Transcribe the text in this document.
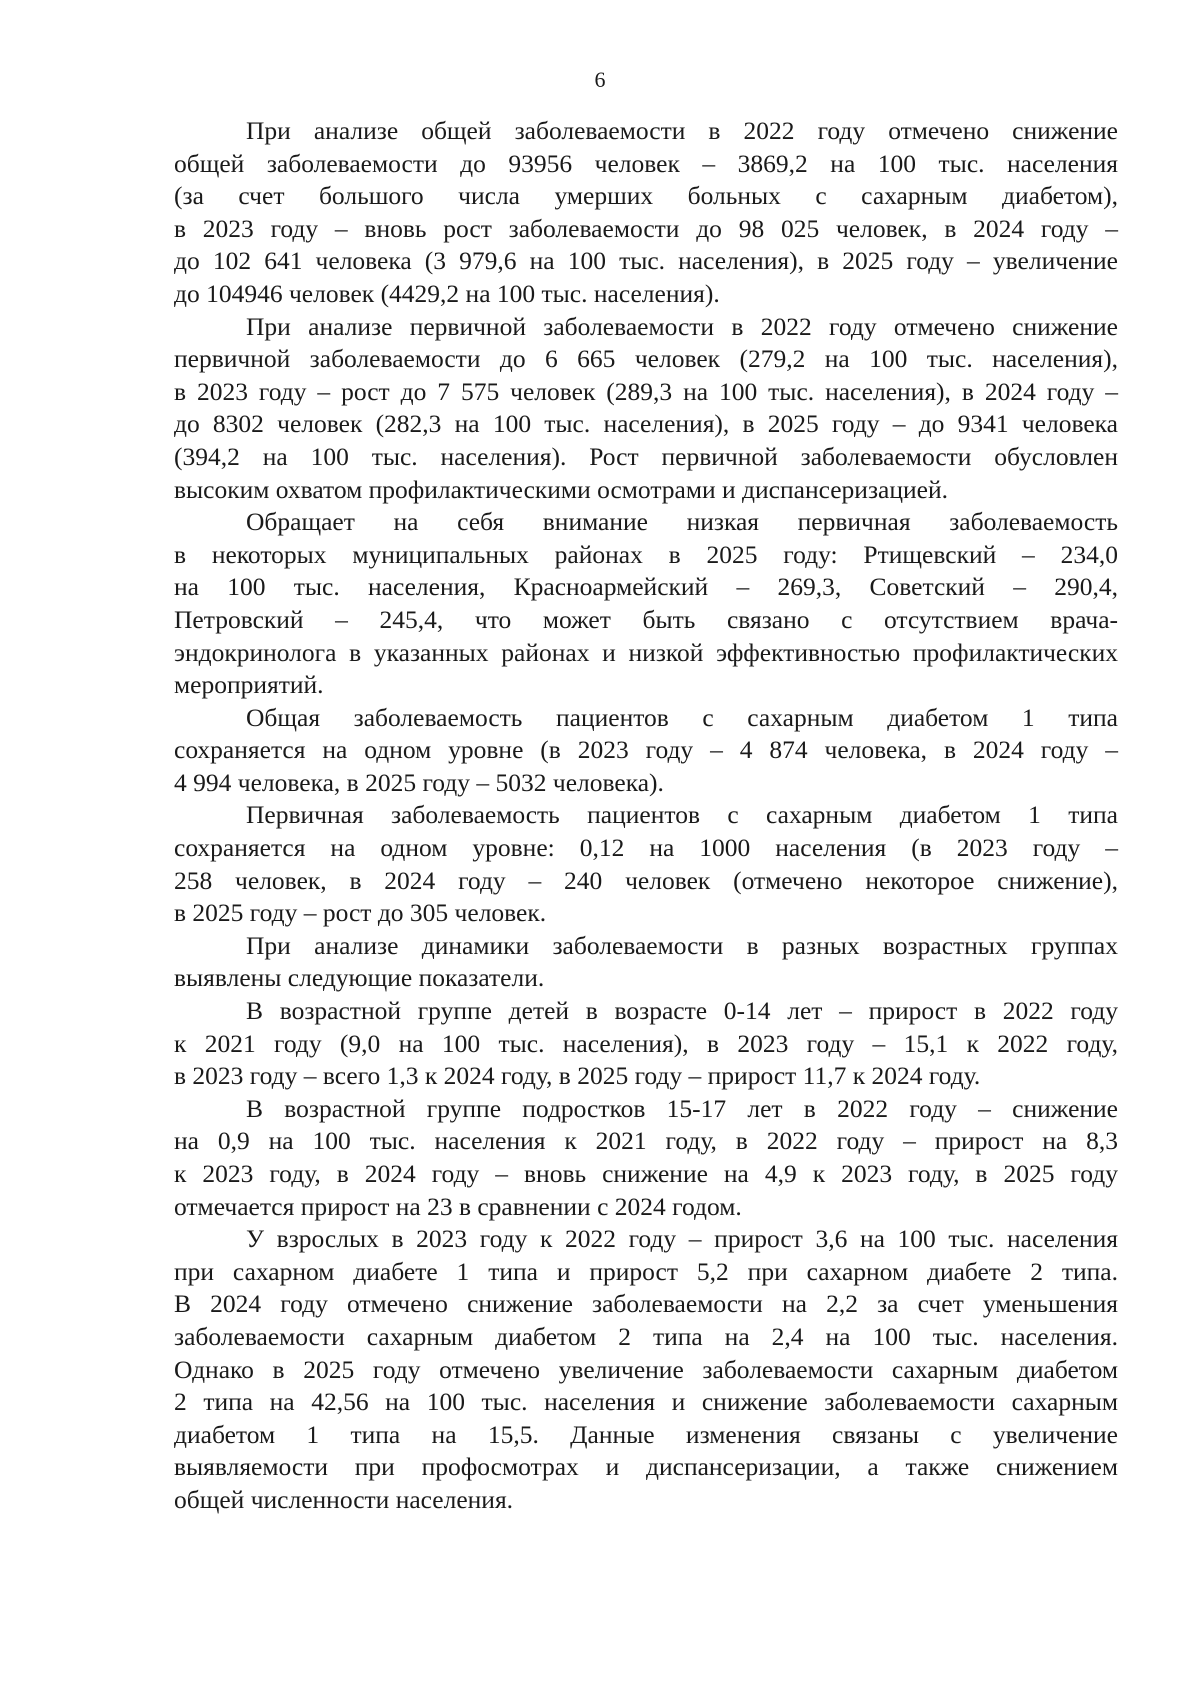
6
При анализе общей заболеваемости в 2022 году отмечено снижение
общей заболеваемости до 93956 человек – 3869,2 на 100 тыс. населения
(за счет большого числа умерших больных с сахарным диабетом),
в 2023 году – вновь рост заболеваемости до 98 025 человек, в 2024 году –
до 102 641 человека (3 979,6 на 100 тыс. населения), в 2025 году – увеличение
до 104946 человек (4429,2 на 100 тыс. населения).
При анализе первичной заболеваемости в 2022 году отмечено снижение
первичной заболеваемости до 6 665 человек (279,2 на 100 тыс. населения),
в 2023 году – рост до 7 575 человек (289,3 на 100 тыс. населения), в 2024 году –
до 8302 человек (282,3 на 100 тыс. населения), в 2025 году – до 9341 человека
(394,2 на 100 тыс. населения). Рост первичной заболеваемости обусловлен
высоким охватом профилактическими осмотрами и диспансеризацией.
Обращает на себя внимание низкая первичная заболеваемость
в некоторых муниципальных районах в 2025 году: Ртищевский – 234,0
на 100 тыс. населения, Красноармейский – 269,3, Советский – 290,4,
Петровский – 245,4, что может быть связано с отсутствием врача-
эндокринолога в указанных районах и низкой эффективностью профилактических
мероприятий.
Общая заболеваемость пациентов с сахарным диабетом 1 типа
сохраняется на одном уровне (в 2023 году – 4 874 человека, в 2024 году –
4 994 человека, в 2025 году – 5032 человека).
Первичная заболеваемость пациентов с сахарным диабетом 1 типа
сохраняется на одном уровне: 0,12 на 1000 населения (в 2023 году –
258 человек, в 2024 году – 240 человек (отмечено некоторое снижение),
в 2025 году – рост до 305 человек.
При анализе динамики заболеваемости в разных возрастных группах
выявлены следующие показатели.
В возрастной группе детей в возрасте 0-14 лет – прирост в 2022 году
к 2021 году (9,0 на 100 тыс. населения), в 2023 году – 15,1 к 2022 году,
в 2023 году – всего 1,3 к 2024 году, в 2025 году – прирост 11,7 к 2024 году.
В возрастной группе подростков 15-17 лет в 2022 году – снижение
на 0,9 на 100 тыс. населения к 2021 году, в 2022 году – прирост на 8,3
к 2023 году, в 2024 году – вновь снижение на 4,9 к 2023 году, в 2025 году
отмечается прирост на 23 в сравнении с 2024 годом.
У взрослых в 2023 году к 2022 году – прирост 3,6 на 100 тыс. населения
при сахарном диабете 1 типа и прирост 5,2 при сахарном диабете 2 типа.
В 2024 году отмечено снижение заболеваемости на 2,2 за счет уменьшения
заболеваемости сахарным диабетом 2 типа на 2,4 на 100 тыс. населения.
Однако в 2025 году отмечено увеличение заболеваемости сахарным диабетом
2 типа на 42,56 на 100 тыс. населения и снижение заболеваемости сахарным
диабетом 1 типа на 15,5. Данные изменения связаны с увеличение
выявляемости при профосмотрах и диспансеризации, а также снижением
общей численности населения.
